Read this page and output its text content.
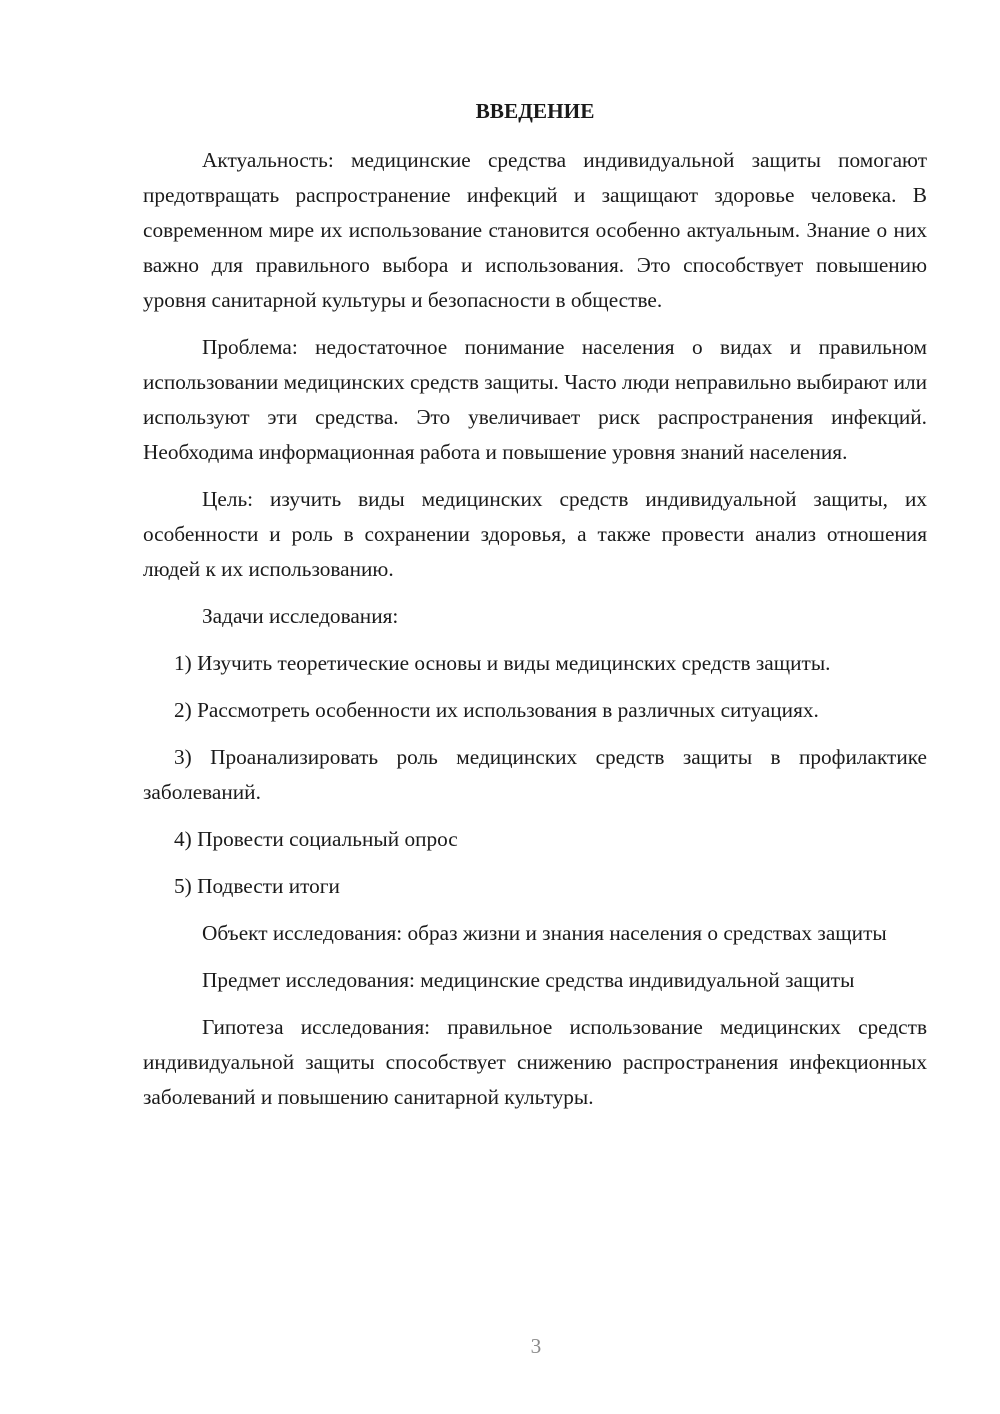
ВВЕДЕНИЕ

Актуальность: медицинские средства индивидуальной защиты помогают предотвращать распространение инфекций и защищают здоровье человека. В современном мире их использование становится особенно актуальным. Знание о них важно для правильного выбора и использования. Это способствует повышению уровня санитарной культуры и безопасности в обществе.

Проблема: недостаточное понимание населения о видах и правильном использовании медицинских средств защиты. Часто люди неправильно выбирают или используют эти средства. Это увеличивает риск распространения инфекций. Необходима информационная работа и повышение уровня знаний населения.

Цель: изучить виды медицинских средств индивидуальной защиты, их особенности и роль в сохранении здоровья, а также провести анализ отношения людей к их использованию.

Задачи исследования:

1) Изучить теоретические основы и виды медицинских средств защиты.

2) Рассмотреть особенности их использования в различных ситуациях.

3) Проанализировать роль медицинских средств защиты в профилактике заболеваний.

4) Провести социальный опрос

5) Подвести итоги

Объект исследования: образ жизни и знания населения о средствах защиты

Предмет исследования: медицинские средства индивидуальной защиты

Гипотеза исследования: правильное использование медицинских средств индивидуальной защиты способствует снижению распространения инфекционных заболеваний и повышению санитарной культуры.

3
